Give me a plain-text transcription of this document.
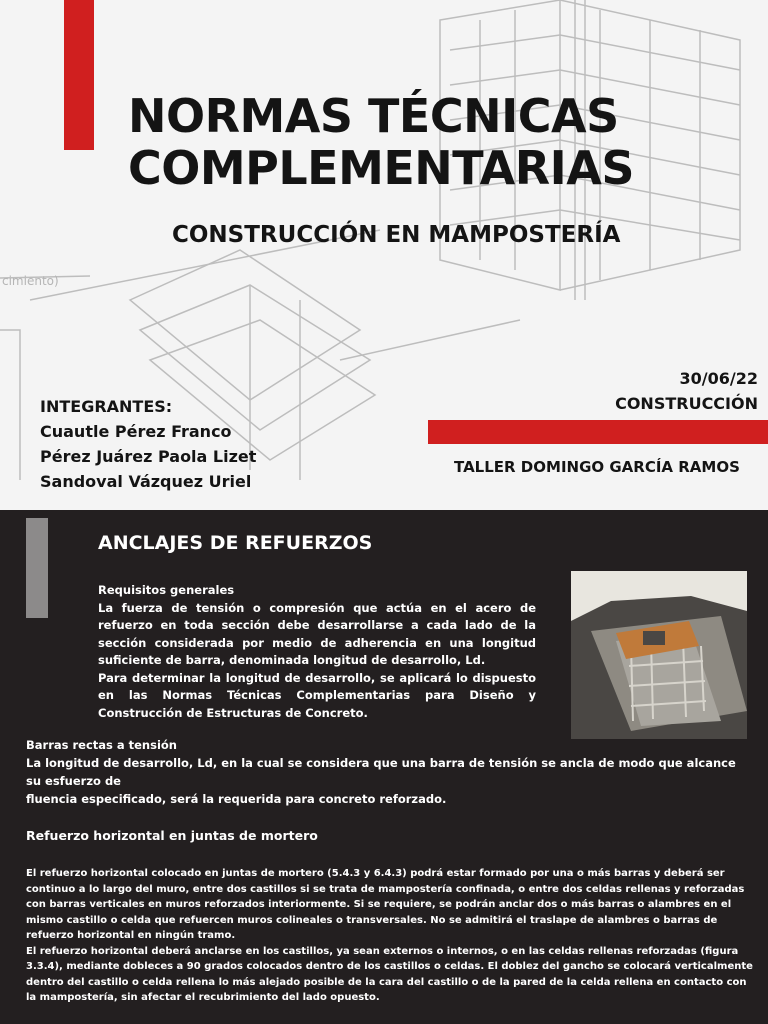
cimiento)
NORMAS TÉCNICAS
COMPLEMENTARIAS
CONSTRUCCIÓN EN MAMPOSTERÍA
INTEGRANTES:
Cuautle Pérez Franco
Pérez Juárez Paola Lizet
Sandoval Vázquez Uriel
30/06/22
CONSTRUCCIÓN
TALLER DOMINGO GARCÍA RAMOS
ANCLAJES DE REFUERZOS

Requisitos generales

La fuerza de tensión o compresión que actúa en el acero de refuerzo en toda sección debe desarrollarse a cada lado de la sección considerada por medio de adherencia en una longitud suficiente de barra, denominada longitud de desarrollo, Ld.

Para determinar la longitud de desarrollo, se aplicará lo dispuesto en las Normas Técnicas Complementarias para Diseño y Construcción de Estructuras de Concreto.

Barras rectas a tensión

La longitud de desarrollo, Ld, en la cual se considera que una barra de tensión se ancla de modo que alcance su esfuerzo de

fluencia especificado, será la requerida para concreto reforzado.

Refuerzo horizontal en juntas de mortero

El refuerzo horizontal colocado en juntas de mortero (5.4.3 y 6.4.3) podrá estar formado por una o más barras y deberá ser continuo a lo largo del muro, entre dos castillos si se trata de mampostería confinada, o entre dos celdas rellenas y reforzadas con barras verticales en muros reforzados interiormente. Si se requiere, se podrán anclar dos o más barras o alambres en el mismo castillo o celda que refuercen muros colineales o transversales. No se admitirá el traslape de alambres o barras de refuerzo horizontal en ningún tramo.

El refuerzo horizontal deberá anclarse en los castillos, ya sean externos o internos, o en las celdas rellenas reforzadas (figura 3.3.4), mediante dobleces a 90 grados colocados dentro de los castillos o celdas. El doblez del gancho se colocará verticalmente dentro del castillo o celda rellena lo más alejado posible de la cara del castillo o de la pared de la celda rellena en contacto con la mampostería, sin afectar el recubrimiento del lado opuesto.
